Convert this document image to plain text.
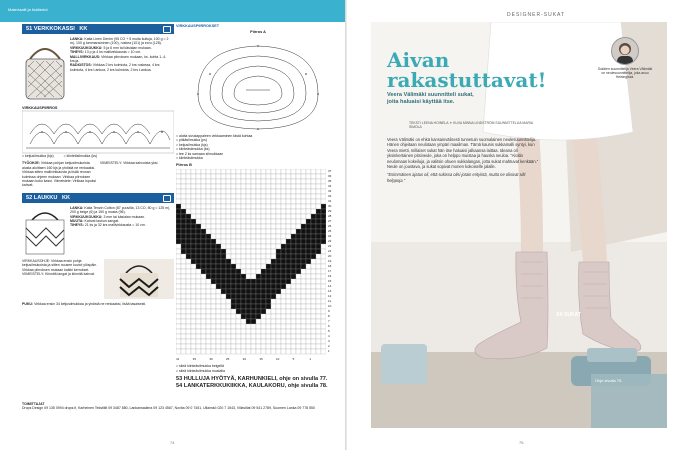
Materiaalit ja lisätiedot
51 VERKKOKASSI KK
LANKA: Katia Linen Denim (95 CO + 5 muita kuituja, 100 g = 2 m), 100 g tummansininen (100), ruskea (101) ja ecru (128).
VIRKKUUKOUKKU: 5 ja 6 mm tai käsialan mukaan.
TIHEYS: 13 p ja 4 ks mallivirkkausta = 10 cm.
MALLIVIRKKAUS: Virkkaa piirroksen mukaan, ks. kohta 1.-4. krs:ja.
RADIOSTOS: Virkkaa 2 krs kolmiota, 2 krs ruskeaa, 4 krs kolmiota, 4 krs t.ankoa, 2 krs kolmiota, 2 krs t.ankoa.
VIRKKAUSPIIRROS
= ketjusilmukka (kjs)	= kiinteäsilmukka (ks)
TYÖOHJE: Virkkaa pohjan ketjusilmukoista alusta aloittaen 160 kjs ja yhdistä ne renkaaksi. Virkkaa sitten mallivirkkausta ja lisää reunan kulmissa ohjeen mukaan. Virkkaa piirroksen mukaan koko kassi. Viimeistele: Virkkaa lopuksi kahvat.
VIIMEISTELY: Virkkaa kahvoista yksi.
52 LAUKKU KK
LANKA: Katia Tenzin Cotton (87 puuvilla, 13 CO, 50 g = 125 m), 200 g beige (6) ja 150 g musta (96).
VIRKKUUKOUKKU: 3 mm tai käsialan mukaan.
MUUTA: Kahvat laukun sangat.
TIHEYS: 21 ks ja 32 krs mallivirkkausta = 10 cm.
VIRKKAUSOHJE: Virkkaa ensin pohja ketjusilmukoista ja sitten nousee kuviot ylöspäin. Virkkaa piirroksen mukaan kaikki kerrokset. VIIMEISTELY: Kiinnitä langat ja kiinnitä kahvat.
PUKU: Virkkaa ensin 34 ketjusilmukkaa ja yhdistä ne renkaaksi, lisää tasaisesti.
VIRKKAUSPIIRROKSET
Piirros A
= aloita sivukappaleen virkkaaminen tästä kohtaa
= pitkäsilmukka (ps)
= ketjusilmukka (kjs)
= kiinteäsilmukka (ks)
= tee 2 ks samaan silmukkaan
= kiinteäsilmukka
Piirros B
37
36
35
34
33
32
31
30
29
28
27
26
25
24
23
22
21
20
19
18
17
16
15
14
13
12
11
10
9
8
7
6
5
4
3
2
1
41	35	30	25	20	15	10	5	1
= sileä kiinteäsilmukka beigellä
= sileä kiinteäsilmukka mustalla
53 HULLUJA HYÖTYÄ, KARHUNKIELI, ohje on sivulla 77.
54 LANKATERKKUKIIKKA, KAULAKORU, ohje sivulla 78.
TOIMITTAJAT
Drops Design 09 135 0994 drops.fi, Karheinen Tekstiilit 09 3487 880, Lankamaailma 09 123 4567, Novita 09 0 7451, Ullaimkö 020 7 1543, Villavillat 09 541 2789, Suomen Lanka 09 778 550
74
DESIGNER-SUKAT
Aivan
rakastuttavat!
Veera Välimäki suunnitteli sukat,
joita haluaisi käyttää itse.
TEKSTI LEENA HOINELA ✶ KUVA MINNA LINDSTRÖM SUUNNITTELIJA MARIA SIMOLA
Veera Välimäki on ehkä kansainvälisesti tunnetuin suomalainen neulesuunnittelija. Hänen ohjeitaan neulotaan ympäri maailman. Tämä kaunis sukkamalli syntyi, kun Veera mietti, millaiset sukat hän itse haluaisi jalkaansa laittaa. Ideana oli yksinkertainen pitsineule, joka on helppo muistaa ja hauska neuloa. "Aloitin neulomaan kokeiluja, ja valitsin ohuen sukkalangan, jotta sukat mahtuvat kenkään." Neule on joustava, ja sukat sopivat monen kokoiselle jalalle.
"Esimmäinen ajatus oli, että sukissa olisi jotain erityistä, mutta ne olisivat silti helppoja."
Sukkien suunnittelija Veera Välimäki on neulesuunnittelija, joka asuu Helsingissä.
XX SUKAT
Ohje sivulla 75.
75
